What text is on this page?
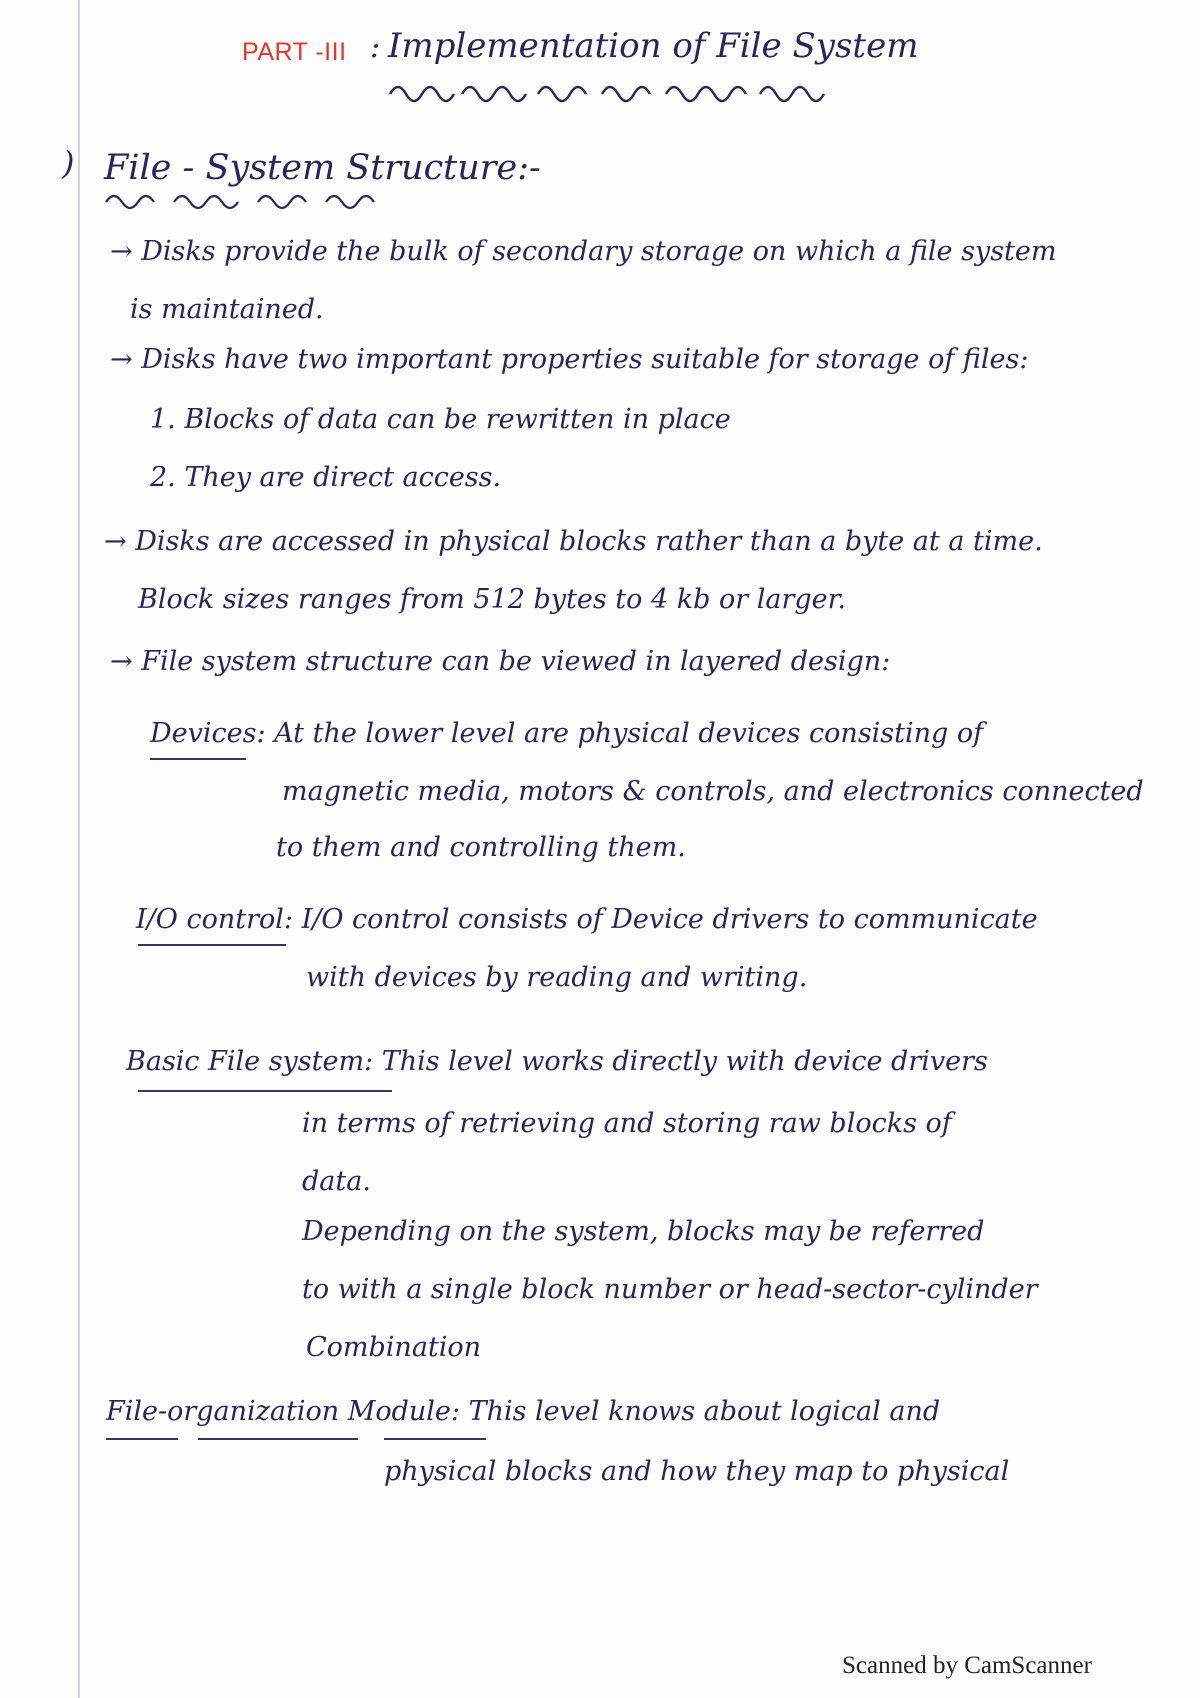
PART -III : Implementation of File System
) File - System Structure:-
→ Disks provide the bulk of secondary storage on which a file system
is maintained.
→ Disks have two important properties suitable for storage of files:
1. Blocks of data can be rewritten in place
2. They are direct access.
→ Disks are accessed in physical blocks rather than a byte at a time.
Block sizes ranges from 512 bytes to 4 kb or larger.
→ File system structure can be viewed in layered design:
Devices: At the lower level are physical devices consisting of
magnetic media, motors & controls, and electronics connected
to them and controlling them.
I/O control: I/O control consists of Device drivers to communicate
with devices by reading and writing.
Basic File system: This level works directly with device drivers
in terms of retrieving and storing raw blocks of
data.
Depending on the system, blocks may be referred
to with a single block number or head-sector-cylinder
Combination
File-organization Module: This level knows about logical and
physical blocks and how they map to physical
Scanned by CamScanner
